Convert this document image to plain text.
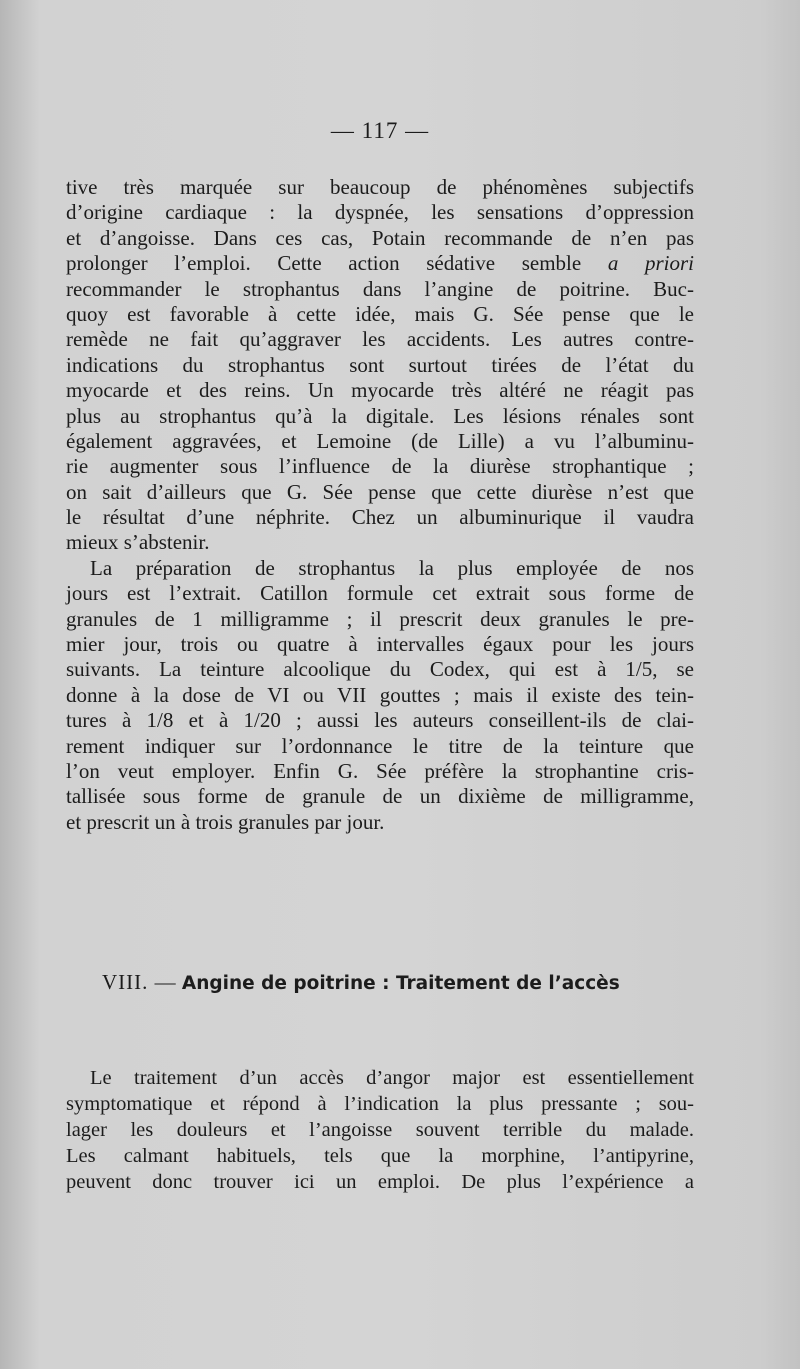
— 117 —
tive très marquée sur beaucoup de phénomènes subjectifs
d’origine cardiaque : la dyspnée, les sensations d’oppression
et d’angoisse. Dans ces cas, Potain recommande de n’en pas
prolonger l’emploi. Cette action sédative semble a priori
recommander le strophantus dans l’angine de poitrine. Buc-
quoy est favorable à cette idée, mais G. Sée pense que le
remède ne fait qu’aggraver les accidents. Les autres contre-
indications du strophantus sont surtout tirées de l’état du
myocarde et des reins. Un myocarde très altéré ne réagit pas
plus au strophantus qu’à la digitale. Les lésions rénales sont
également aggravées, et Lemoine (de Lille) a vu l’albuminu-
rie augmenter sous l’influence de la diurèse strophantique ;
on sait d’ailleurs que G. Sée pense que cette diurèse n’est que
le résultat d’une néphrite. Chez un albuminurique il vaudra
mieux s’abstenir.
La préparation de strophantus la plus employée de nos
jours est l’extrait. Catillon formule cet extrait sous forme de
granules de 1 milligramme ; il prescrit deux granules le pre-
mier jour, trois ou quatre à intervalles égaux pour les jours
suivants. La teinture alcoolique du Codex, qui est à 1/5, se
donne à la dose de VI ou VII gouttes ; mais il existe des tein-
tures à 1/8 et à 1/20 ; aussi les auteurs conseillent-ils de clai-
rement indiquer sur l’ordonnance le titre de la teinture que
l’on veut employer. Enfin G. Sée préfère la strophantine cris-
tallisée sous forme de granule de un dixième de milligramme,
et prescrit un à trois granules par jour.
VIII. — Angine de poitrine : Traitement de l’accès
Le traitement d’un accès d’angor major est essentiellement
symptomatique et répond à l’indication la plus pressante ; sou-
lager les douleurs et l’angoisse souvent terrible du malade.
Les calmant habituels, tels que la morphine, l’antipyrine,
peuvent donc trouver ici un emploi. De plus l’expérience a
